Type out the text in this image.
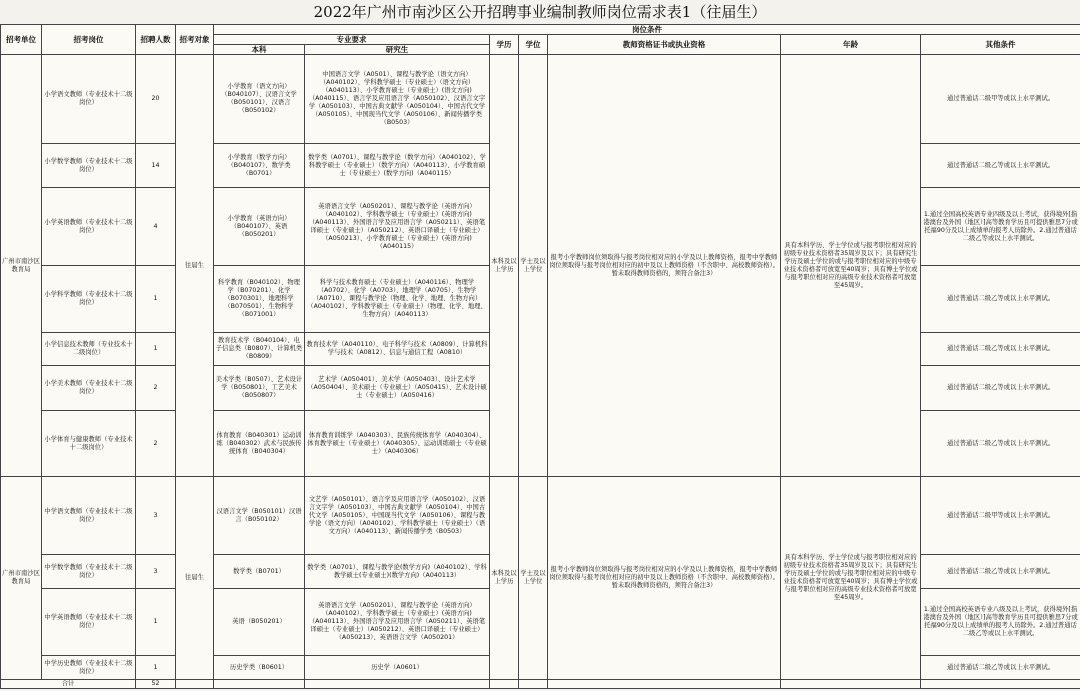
2022年广州市南沙区公开招聘事业编制教师岗位需求表1（往届生）
招考单位	招考岗位	招聘人数	招考对象	岗位条件						
				专业要求		学历	学位	教师资格证书或执业资格	年龄	其他条件
				本科	研究生					
广州市南沙区教育局	小学语文教师（专业技术十二级岗位）	20	往届生	小学教育（语文方向）（B040107）、汉语言文学（B050101）、汉语言（B050102）	中国语言文学（A0501）、课程与教学论（语文方向）（A040102）、学科教学硕士（专业硕士）（语文方向）（A040113）、小学教育硕士（专业硕士）(语文方向)（A040115）、语言学及应用语言学（A050102）、汉语言文字学（A050103）、中国古典文献学（A050104）、中国古代文学（A050105）、中国现当代文学（A050106）、新闻传播学类（B0503）	本科及以上学历	学士及以上学位	报考小学教师岗位须取得与报考岗位相对应的小学及以上教师资格，报考中学教师岗位须取得与报考岗位相对应的初中及以上教师资格（不含职中、高校教师资格）。暂未取得教师资格的，须符合备注3）	具有本科学历、学士学位或与报考职位相对应的初级专业技术资格者35周岁及以下；具有研究生学历及硕士学位的或与报考职位相对应的中级专业技术资格者可放宽至40周岁；具有博士学位或与报考职位相对应的高级专业技术资格者可放宽至45周岁。	通过普通话二级甲等或以上水平测试。
	小学数学教师（专业技术十二级岗位）	14		小学教育（数学方向）（B040107）、数学类（B0701）	数学类（A0701）、课程与教学论（数学方向）（A040102）、学科教学硕士（专业硕士）（数学方向）（A040113）、小学教育硕士（专业硕士）(数学方向)（A040115）					通过普通话二级乙等或以上水平测试。
	小学英语教师（专业技术十二级岗位）	4		小学教育（英语方向）（B040107）、英语（B050201）	英语语言文学（A050201）、课程与教学论（英语方向）（A040102）、学科教学硕士（专业硕士）(英语方向)（A040113）、外国语言学及应用语言学（A050211）、英语笔译硕士（专业硕士）（A050212）、英语口译硕士（专业硕士）（A050213）、小学教育硕士（专业硕士）(英语方向)（A040115）					1.通过全国高校英语专业四级及以上考试，获得境外[指港澳台及外国（地区）]高等教育学历且可提供雅思7分或托福90分及以上成绩单的报考人员除外。2.通过普通话二级乙等或以上水平测试。
	小学科学教师（专业技术十二级岗位）	1		科学教育（B040102）、物理学（B070201）、化学（B070301）、地理科学（B070501）、生物科学（B071001）	科学与技术教育硕士（专业硕士）（A040116）、物理学（A0702）、化学（A0703）、地理学（A0705）、生物学（A0710）、课程与教学论（物理、化学、地理、生物方向）（A040102）、学科教学硕士（专业硕士）（物理、化学、地理、生物方向）（A040113）					通过普通话二级乙等或以上水平测试。
	小学信息技术教师（专业技术十二级岗位）	1		教育技术学（B040104）、电子信息类（B0807）、计算机类（B0809）	教育技术学（A040110）、电子科学与技术（A0809）、计算机科学与技术（A0812）、信息与通信工程（A0810）					通过普通话二级乙等或以上水平测试。
	小学美术教师（专业技术十二级岗位）	2		美术学类（B0507）、艺术设计学（B050801）、工艺美术（B050807）	艺术学（A050401）、美术学（A050403）、设计艺术学（A050404）、美术硕士（专业硕士）（A050415）、艺术设计硕士（专业硕士）（A050416）					通过普通话二级乙等或以上水平测试。
	小学体育与健康教师（专业技术十二级岗位）	2		体育教育（B040301）运动训练（B040302）武术与民族传统体育（B040304）	体育教育训练学（A040303）、民族传统体育学（A040304）、体育教学硕士（专业硕士）（A040305）、运动训练硕士（专业硕士）（A040306）					通过普通话二级乙等或以上水平测试。
广州市南沙区教育局	中学语文教师（专业技术十二级岗位）	3	往届生	汉语言文学（B050101）汉语言（B050102）	文艺学（A050101）、语言学及应用语言学（A050102）、汉语言文字学（A050103）、中国古典文献学（A050104）、中国古代文学（A050105）、中国现当代文学（A050106）、课程与教学论（语文方向）（A040102）、学科教学硕士（专业硕士）（语文方向）（A040113）、新闻传播学类（B0503）	本科及以上学历	学士及以上学位	报考小学教师岗位须取得与报考岗位相对应的小学及以上教师资格，报考中学教师岗位须取得与报考岗位相对应的初中及以上教师资格（不含职中、高校教师资格）。暂未取得教师资格的，须符合备注3）	具有本科学历、学士学位或与报考职位相对应的初级专业技术资格者35周岁及以下；具有研究生学历及硕士学位的或与报考职位相对应的中级专业技术资格者可放宽至40周岁；具有博士学位或与报考职位相对应的高级专业技术资格者可放宽至45周岁。	通过普通话二级甲等或以上水平测试。
	中学数学教师（专业技术十二级岗位）	3		数学类（B0701）	数学类（A0701）、课程与教学论(数学方向)（A040102）、学科教学硕士(专业硕士)(数学方向)（A040113）					通过普通话二级乙等或以上水平测试。
	中学英语教师（专业技术十二级岗位）	1		英语（B050201）	英语语言文学（A050201）、课程与教学论（英语方向）（A040102）、学科教学硕士（专业硕士）(英语方向)（A040113）、外国语言学及应用语言学（A050211）、英语笔译硕士（专业硕士）（A050212）、英语口译硕士（专业硕士）（A050213）、英语语言文学（A050201）					1.通过全国高校英语专业八级及以上考试，获得境外[指港澳台及外国（地区）]高等教育学历且可提供雅思7分或托福90分及以上成绩单的报考人员除外。2.通过普通话二级乙等或以上水平测试。
	中学历史教师（专业技术十二级岗位）	1		历史学类（B0601）	历史学（A0601）					通过普通话二级乙等或以上水平测试。
合计		52								
